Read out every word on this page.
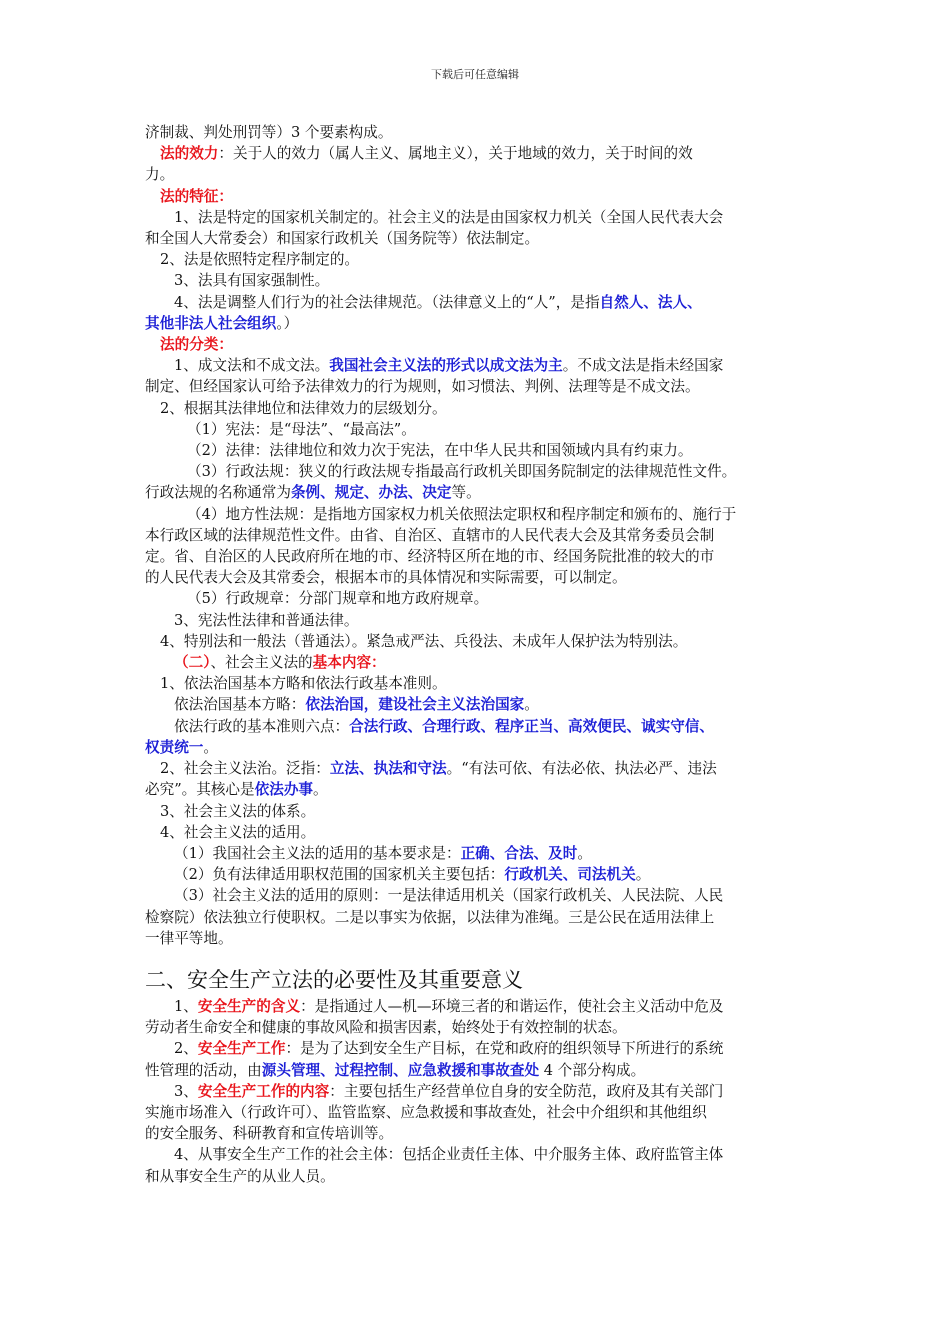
下载后可任意编辑
济制裁、判处刑罚等）3 个要素构成。
法的效力：关于人的效力（属人主义、属地主义），关于地域的效力，关于时间的效
力。
法的特征：
1、法是特定的国家机关制定的。社会主义的法是由国家权力机关（全国人民代表大会
和全国人大常委会）和国家行政机关（国务院等）依法制定。
2、法是依照特定程序制定的。
3、法具有国家强制性。
4、法是调整人们行为的社会法律规范。（法律意义上的“人”，是指自然人、法人、
其他非法人社会组织。）
法的分类：
1、成文法和不成文法。我国社会主义法的形式以成文法为主。不成文法是指未经国家
制定、但经国家认可给予法律效力的行为规则，如习惯法、判例、法理等是不成文法。
2、根据其法律地位和法律效力的层级划分。
（1）宪法：是“母法”、“最高法”。
（2）法律：法律地位和效力次于宪法，在中华人民共和国领域内具有约束力。
（3）行政法规：狭义的行政法规专指最高行政机关即国务院制定的法律规范性文件。
行政法规的名称通常为条例、规定、办法、决定等。
（4）地方性法规：是指地方国家权力机关依照法定职权和程序制定和颁布的、施行于
本行政区域的法律规范性文件。由省、自治区、直辖市的人民代表大会及其常务委员会制
定。省、自治区的人民政府所在地的市、经济特区所在地的市、经国务院批准的较大的市
的人民代表大会及其常委会，根据本市的具体情况和实际需要，可以制定。
（5）行政规章：分部门规章和地方政府规章。
3、宪法性法律和普通法律。
4、特别法和一般法（普通法）。紧急戒严法、兵役法、未成年人保护法为特别法。
（二）、社会主义法的基本内容：
1、依法治国基本方略和依法行政基本准则。
依法治国基本方略：依法治国，建设社会主义法治国家。
依法行政的基本准则六点：合法行政、合理行政、程序正当、高效便民、诚实守信、
权责统一。
2、社会主义法治。泛指：立法、执法和守法。“有法可依、有法必依、执法必严、违法
必究”。其核心是依法办事。
3、社会主义法的体系。
4、社会主义法的适用。
（1）我国社会主义法的适用的基本要求是：正确、合法、及时。
（2）负有法律适用职权范围的国家机关主要包括：行政机关、司法机关。
（3）社会主义法的适用的原则：一是法律适用机关（国家行政机关、人民法院、人民
检察院）依法独立行使职权。二是以事实为依据，以法律为准绳。三是公民在适用法律上
一律平等地。
二、安全生产立法的必要性及其重要意义
1、安全生产的含义：是指通过人—机—环境三者的和谐运作，使社会主义活动中危及
劳动者生命安全和健康的事故风险和损害因素，始终处于有效控制的状态。
2、安全生产工作：是为了达到安全生产目标，在党和政府的组织领导下所进行的系统
性管理的活动，由源头管理、过程控制、应急救援和事故查处 4 个部分构成。
3、安全生产工作的内容：主要包括生产经营单位自身的安全防范，政府及其有关部门
实施市场准入（行政许可）、监管监察、应急救援和事故查处，社会中介组织和其他组织
的安全服务、科研教育和宣传培训等。
4、从事安全生产工作的社会主体：包括企业责任主体、中介服务主体、政府监管主体
和从事安全生产的从业人员。
